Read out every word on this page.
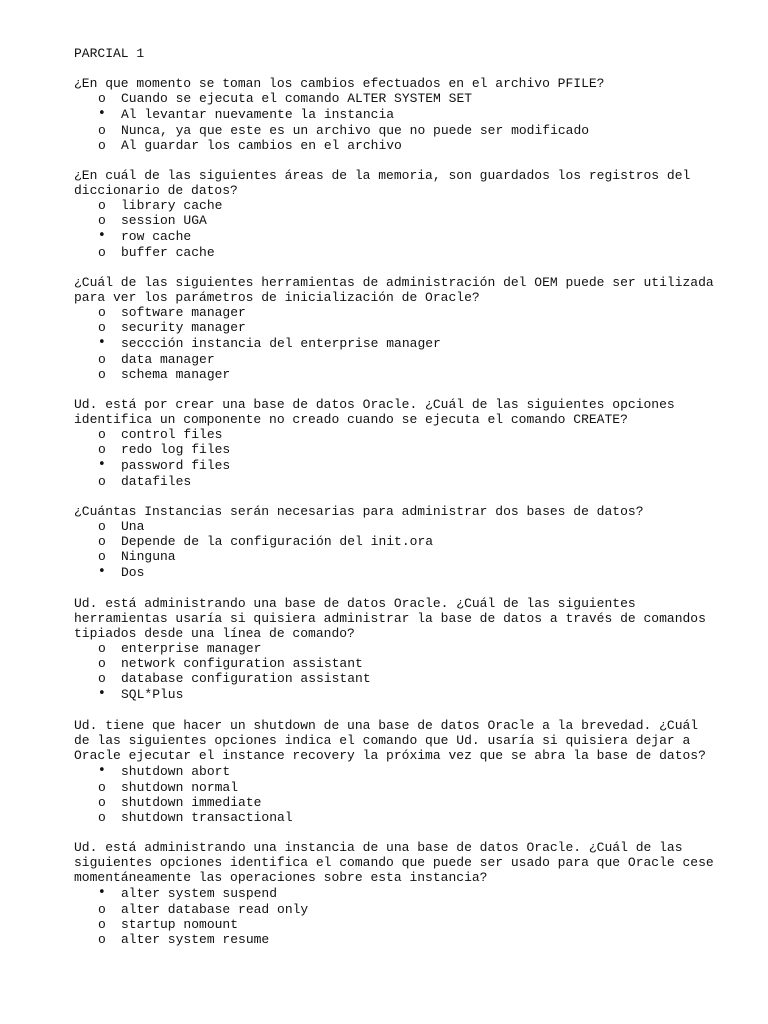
PARCIAL 1

¿En que momento se toman los cambios efectuados en el archivo PFILE?

o
Cuando se ejecuta el comando ALTER SYSTEM SET
•
Al levantar nuevamente la instancia
o
Nunca, ya que este es un archivo que no puede ser modificado
o
Al guardar los cambios en el archivo

¿En cuál de las siguientes áreas de la memoria, son guardados los registros del diccionario de datos?

o
library cache
o
session UGA
•
row cache
o
buffer cache

¿Cuál de las siguientes herramientas de administración del OEM puede ser utilizada para ver los parámetros de inicialización de Oracle?

o
software manager
o
security manager
•
seccción instancia del enterprise manager
o
data manager
o
schema manager

Ud. está por crear una base de datos Oracle. ¿Cuál de las siguientes opciones identifica un componente no creado cuando se ejecuta el comando CREATE?

o
control files
o
redo log files
•
password files
o
datafiles

¿Cuántas Instancias serán necesarias para administrar dos bases de datos?

o
Una
o
Depende de la configuración del init.ora
o
Ninguna
•
Dos

Ud. está administrando una base de datos Oracle. ¿Cuál de las siguientes herramientas usaría si quisiera administrar la base de datos a través de comandos tipiados desde una línea de comando?

o
enterprise manager
o
network configuration assistant
o
database configuration assistant
•
SQL*Plus

Ud. tiene que hacer un shutdown de una base de datos Oracle a la brevedad. ¿Cuál de las siguientes opciones indica el comando que Ud. usaría si quisiera dejar a Oracle ejecutar el instance recovery la próxima vez que se abra la base de datos?

•
shutdown abort
o
shutdown normal
o
shutdown immediate
o
shutdown transactional

Ud. está administrando una instancia de una base de datos Oracle. ¿Cuál de las siguientes opciones identifica el comando que puede ser usado para que Oracle cese momentáneamente las operaciones sobre esta instancia?

•
alter system suspend
o
alter database read only
o
startup nomount
o
alter system resume
